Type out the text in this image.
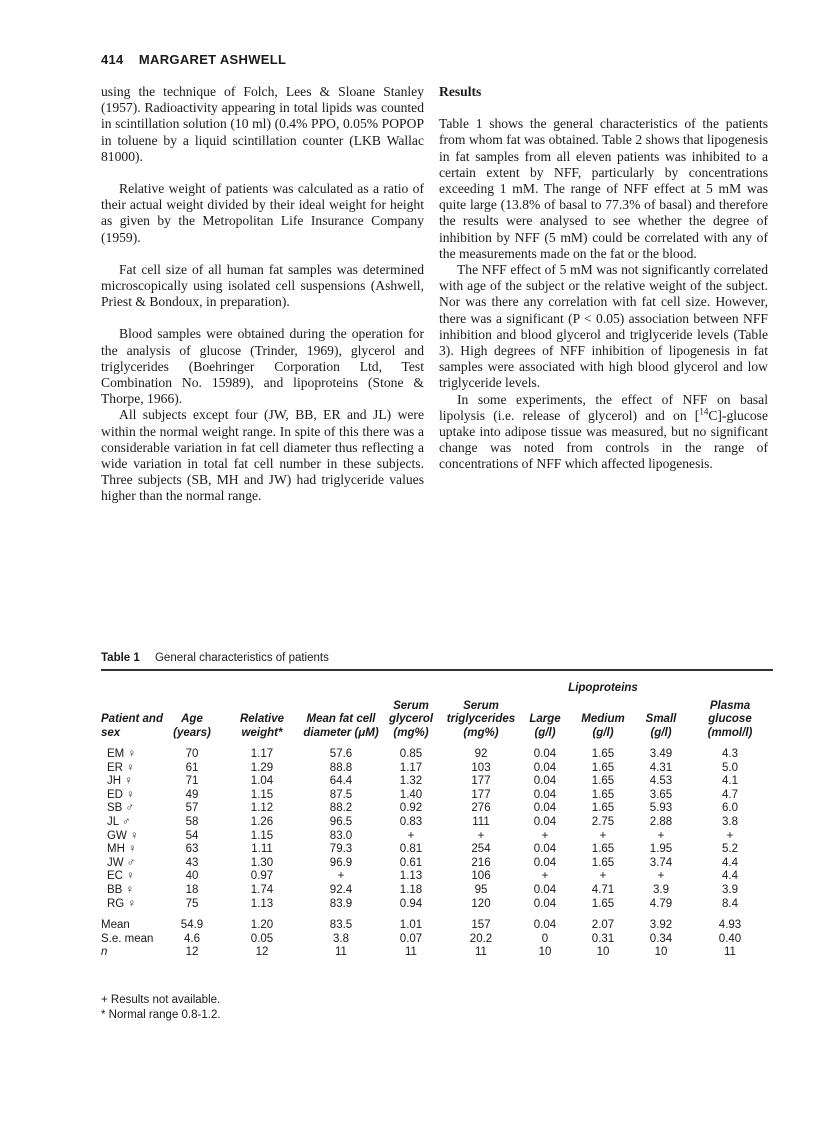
414 MARGARET ASHWELL

using the technique of Folch, Lees & Sloane Stanley (1957). Radioactivity appearing in total lipids was counted in scintillation solution (10 ml) (0.4% PPO, 0.05% POPOP in toluene by a liquid scintillation counter (LKB Wallac 81000).

Relative weight of patients was calculated as a ratio of their actual weight divided by their ideal weight for height as given by the Metropolitan Life Insurance Company (1959).

Fat cell size of all human fat samples was determined microscopically using isolated cell suspensions (Ashwell, Priest & Bondoux, in preparation).

Blood samples were obtained during the operation for the analysis of glucose (Trinder, 1969), glycerol and triglycerides (Boehringer Corporation Ltd, Test Combination No. 15989), and lipoproteins (Stone & Thorpe, 1966).

All subjects except four (JW, BB, ER and JL) were within the normal weight range. In spite of this there was a considerable variation in fat cell diameter thus reflecting a wide variation in total fat cell number in these subjects. Three subjects (SB, MH and JW) had triglyceride values higher than the normal range.

Results

Table 1 shows the general characteristics of the patients from whom fat was obtained. Table 2 shows that lipogenesis in fat samples from all eleven patients was inhibited to a certain extent by NFF, particularly by concentrations exceeding 1 mM. The range of NFF effect at 5 mM was quite large (13.8% of basal to 77.3% of basal) and therefore the results were analysed to see whether the degree of inhibition by NFF (5 mM) could be correlated with any of the measurements made on the fat or the blood.

The NFF effect of 5 mM was not significantly correlated with age of the subject or the relative weight of the subject. Nor was there any correlation with fat cell size. However, there was a significant (P < 0.05) association between NFF inhibition and blood glycerol and triglyceride levels (Table 3). High degrees of NFF inhibition of lipogenesis in fat samples were associated with high blood glycerol and low triglyceride levels.

In some experiments, the effect of NFF on basal lipolysis (i.e. release of glycerol) and on [$^{14}$C]-glucose uptake into adipose tissue was measured, but no significant change was noted from controls in the range of concentrations of NFF which affected lipogenesis.

Table 1 General characteristics of patients
						Lipoproteins			
Patient and sex	Age (years)	Relative weight*	Mean fat cell diameter (μM)	Serum glycerol (mg%)	Serum triglycerides (mg%)	Large (g/l)	Medium (g/l)	Small (g/l)	Plasma glucose (mmol/l)
EM ♀	70	1.17	57.6	0.85	92	0.04	1.65	3.49	4.3
ER ♀	61	1.29	88.8	1.17	103	0.04	1.65	4.31	5.0
JH ♀	71	1.04	64.4	1.32	177	0.04	1.65	4.53	4.1
ED ♀	49	1.15	87.5	1.40	177	0.04	1.65	3.65	4.7
SB ♂	57	1.12	88.2	0.92	276	0.04	1.65	5.93	6.0
JL ♂	58	1.26	96.5	0.83	111	0.04	2.75	2.88	3.8
GW ♀	54	1.15	83.0	+	+	+	+	+	+
MH ♀	63	1.11	79.3	0.81	254	0.04	1.65	1.95	5.2
JW ♂	43	1.30	96.9	0.61	216	0.04	1.65	3.74	4.4
EC ♀	40	0.97	+	1.13	106	+	+	+	4.4
BB ♀	18	1.74	92.4	1.18	95	0.04	4.71	3.9	3.9
RG ♀	75	1.13	83.9	0.94	120	0.04	1.65	4.79	8.4
Mean	54.9	1.20	83.5	1.01	157	0.04	2.07	3.92	4.93
S.e. mean	4.6	0.05	3.8	0.07	20.2	0	0.31	0.34	0.40
n	12	12	11	11	11	10	10	10	11
+ Results not available.
* Normal range 0.8-1.2.
